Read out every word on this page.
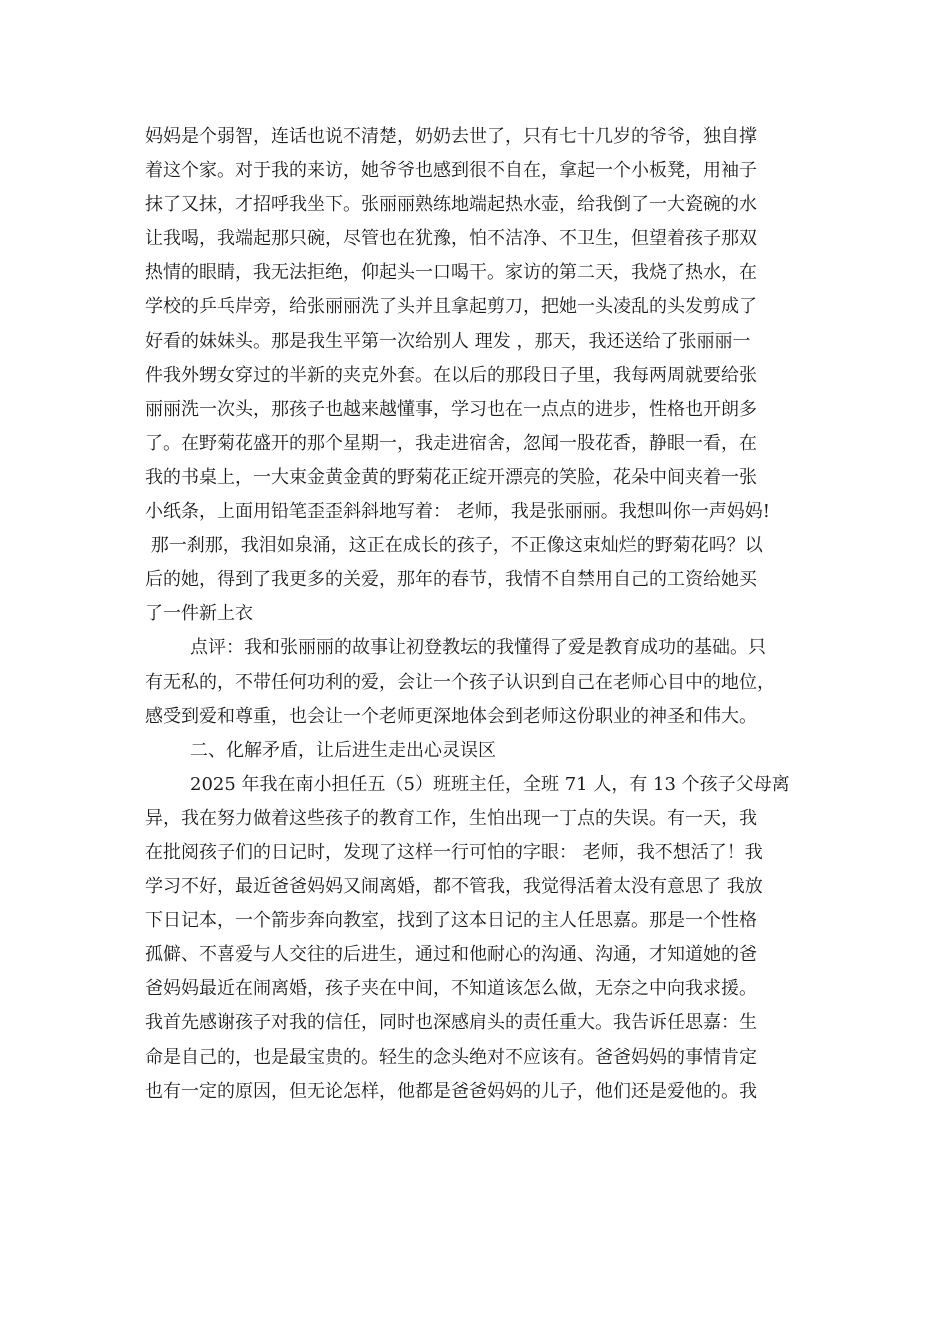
妈妈是个弱智，连话也说不清楚，奶奶去世了，只有七十几岁的爷爷，独自撑
着这个家。对于我的来访，她爷爷也感到很不自在，拿起一个小板凳，用袖子
抹了又抹，才招呼我坐下。张丽丽熟练地端起热水壶，给我倒了一大瓷碗的水
让我喝，我端起那只碗，尽管也在犹豫，怕不洁净、不卫生，但望着孩子那双
热情的眼睛，我无法拒绝，仰起头一口喝干。家访的第二天，我烧了热水，在
学校的乒乓岸旁，给张丽丽洗了头并且拿起剪刀，把她一头凌乱的头发剪成了
好看的妹妹头。那是我生平第一次给别人 理发 ，那天，我还送给了张丽丽一
件我外甥女穿过的半新的夹克外套。在以后的那段日子里，我每两周就要给张
丽丽洗一次头，那孩子也越来越懂事，学习也在一点点的进步，性格也开朗多
了。在野菊花盛开的那个星期一，我走进宿舍，忽闻一股花香，静眼一看，在
我的书桌上，一大束金黄金黄的野菊花正绽开漂亮的笑脸，花朵中间夹着一张
小纸条，上面用铅笔歪歪斜斜地写着： 老师，我是张丽丽。我想叫你一声妈妈!
那一刹那，我泪如泉涌，这正在成长的孩子，不正像这束灿烂的野菊花吗？以
后的她，得到了我更多的关爱，那年的春节，我情不自禁用自己的工资给她买
了一件新上衣
点评：我和张丽丽的故事让初登教坛的我懂得了爱是教育成功的基础。只
有无私的，不带任何功利的爱，会让一个孩子认识到自己在老师心目中的地位，
感受到爱和尊重，也会让一个老师更深地体会到老师这份职业的神圣和伟大。
二、化解矛盾，让后进生走出心灵误区
2025 年我在南小担任五（5）班班主任，全班 71 人，有 13 个孩子父母离
异，我在努力做着这些孩子的教育工作，生怕出现一丁点的失误。有一天，我
在批阅孩子们的日记时，发现了这样一行可怕的字眼： 老师，我不想活了！我
学习不好，最近爸爸妈妈又闹离婚，都不管我，我觉得活着太没有意思了 我放
下日记本，一个箭步奔向教室，找到了这本日记的主人任思嘉。那是一个性格
孤僻、不喜爱与人交往的后进生，通过和他耐心的沟通、沟通，才知道她的爸
爸妈妈最近在闹离婚，孩子夹在中间，不知道该怎么做，无奈之中向我求援。
我首先感谢孩子对我的信任，同时也深感肩头的责任重大。我告诉任思嘉：生
命是自己的，也是最宝贵的。轻生的念头绝对不应该有。爸爸妈妈的事情肯定
也有一定的原因，但无论怎样，他都是爸爸妈妈的儿子，他们还是爱他的。我
